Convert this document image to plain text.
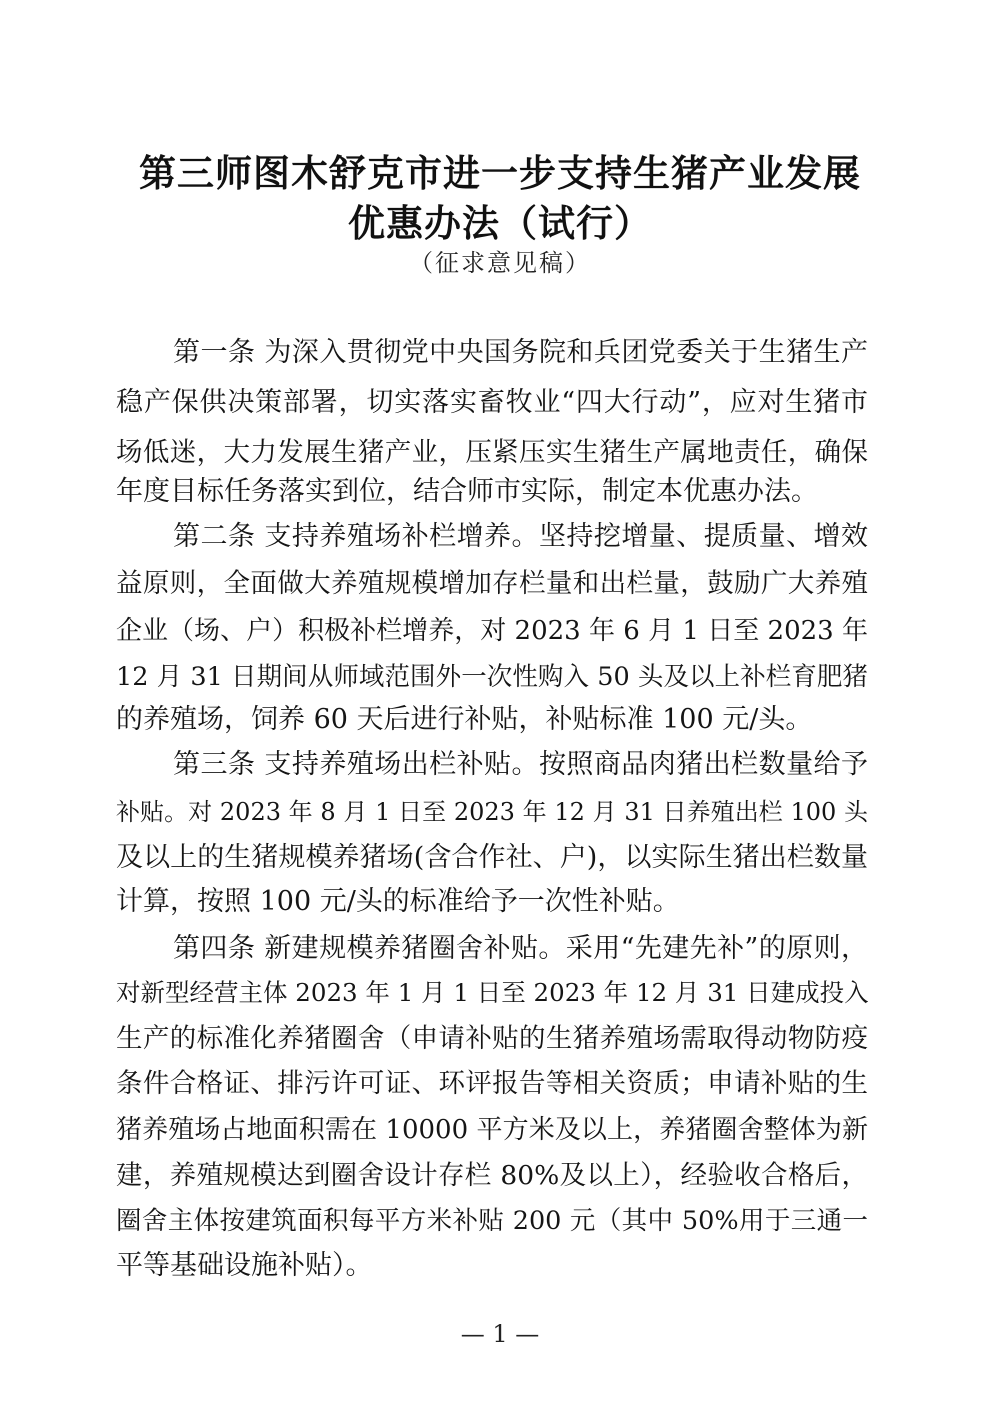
第三师图木舒克市进一步支持生猪产业发展
优惠办法（试行）
（征求意见稿）
第一条 为深入贯彻党中央国务院和兵团党委关于生猪生产
稳产保供决策部署，切实落实畜牧业“四大行动”，应对生猪市
场低迷，大力发展生猪产业，压紧压实生猪生产属地责任，确保
年度目标任务落实到位，结合师市实际，制定本优惠办法。
第二条 支持养殖场补栏增养。坚持挖增量、提质量、增效
益原则，全面做大养殖规模增加存栏量和出栏量，鼓励广大养殖
企业（场、户）积极补栏增养，对 2023 年 6 月 1 日至 2023 年
12 月 31 日期间从师域范围外一次性购入 50 头及以上补栏育肥猪
的养殖场，饲养 60 天后进行补贴，补贴标准 100 元/头。
第三条 支持养殖场出栏补贴。按照商品肉猪出栏数量给予
补贴。对 2023 年 8 月 1 日至 2023 年 12 月 31 日养殖出栏 100 头
及以上的生猪规模养猪场(含合作社、户)，以实际生猪出栏数量
计算，按照 100 元/头的标准给予一次性补贴。
第四条 新建规模养猪圈舍补贴。采用“先建先补”的原则，
对新型经营主体 2023 年 1 月 1 日至 2023 年 12 月 31 日建成投入
生产的标准化养猪圈舍（申请补贴的生猪养殖场需取得动物防疫
条件合格证、排污许可证、环评报告等相关资质；申请补贴的生
猪养殖场占地面积需在 10000 平方米及以上，养猪圈舍整体为新
建，养殖规模达到圈舍设计存栏 80%及以上），经验收合格后，
圈舍主体按建筑面积每平方米补贴 200 元（其中 50%用于三通一
平等基础设施补贴）。
— 1 —
